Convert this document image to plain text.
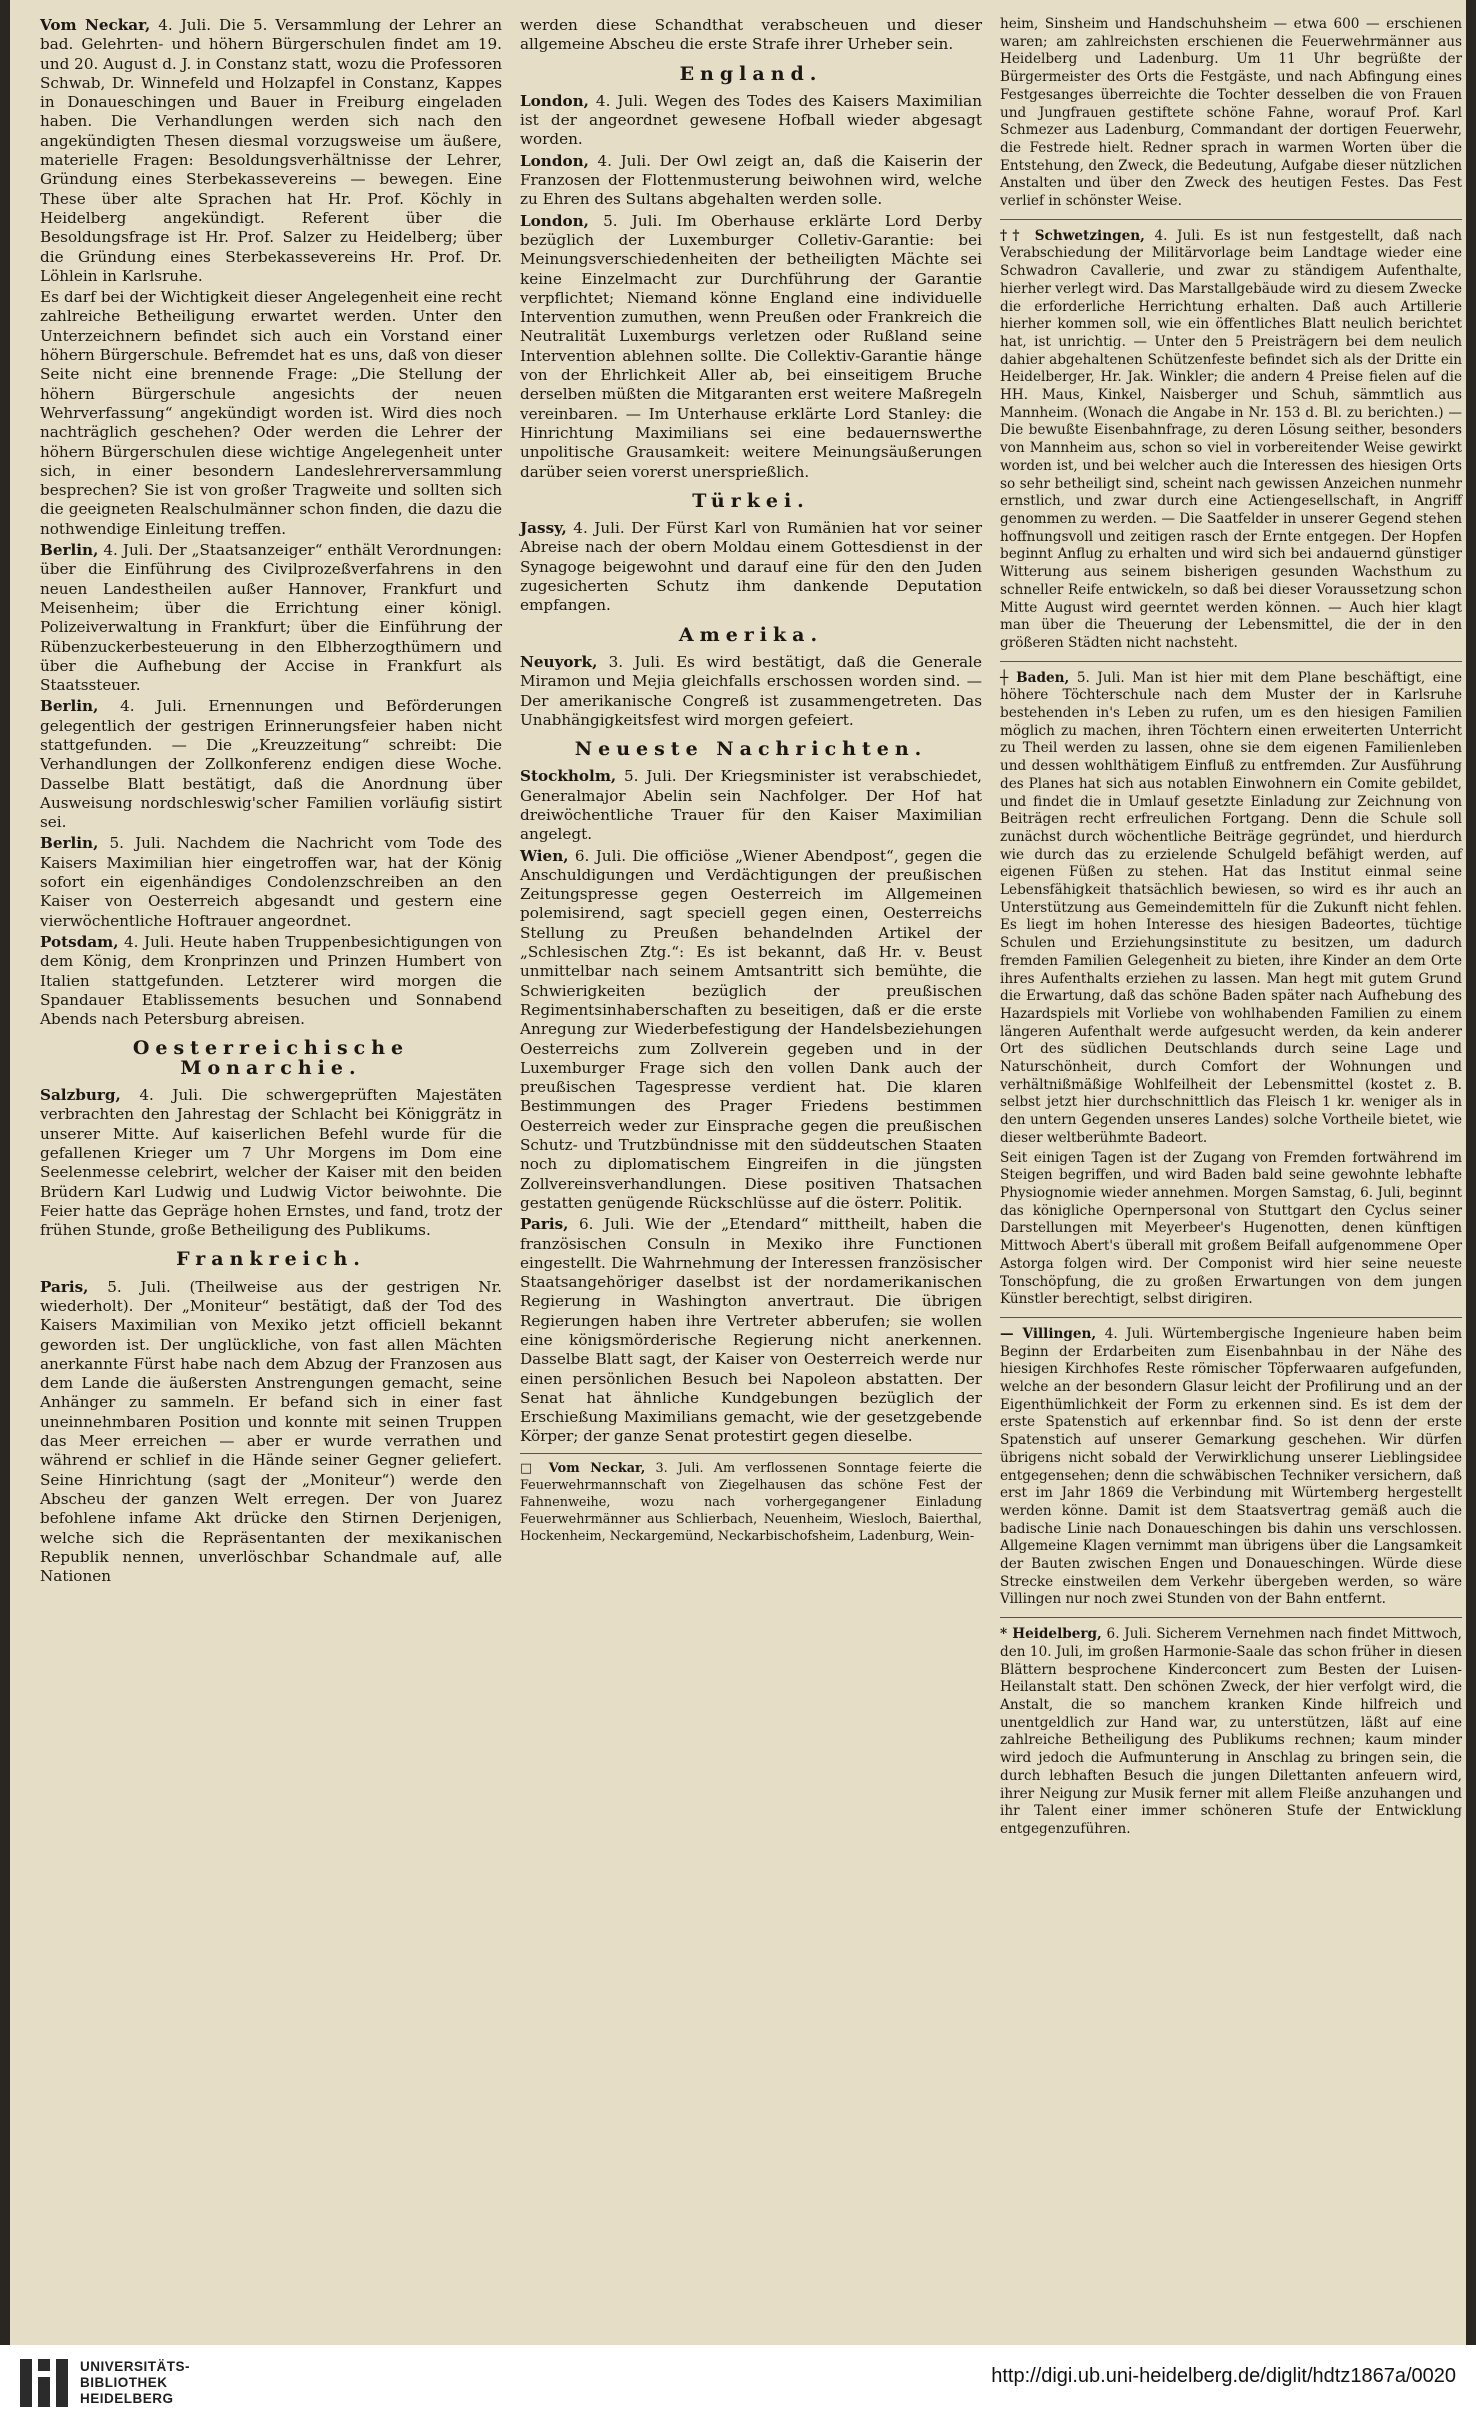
Vom Neckar, 4. Juli. Die 5. Versammlung der Lehrer an bad. Gelehrten- und höhern Bürgerschulen findet am 19. und 20. August d. J. in Constanz statt, wozu die Professoren Schwab, Dr. Winnefeld und Holzapfel in Constanz, Kappes in Donaueschingen und Bauer in Freiburg eingeladen haben. Die Verhandlungen werden sich nach den angekündigten Thesen diesmal vorzugsweise um äußere, materielle Fragen: Besoldungsverhältnisse der Lehrer, Gründung eines Sterbekassevereins — bewegen. Eine These über alte Sprachen hat Hr. Prof. Köchly in Heidelberg angekündigt. Referent über die Besoldungsfrage ist Hr. Prof. Salzer zu Heidelberg; über die Gründung eines Sterbekassevereins Hr. Prof. Dr. Löhlein in Karlsruhe.

Es darf bei der Wichtigkeit dieser Angelegenheit eine recht zahlreiche Betheiligung erwartet werden. Unter den Unterzeichnern befindet sich auch ein Vorstand einer höhern Bürgerschule. Befremdet hat es uns, daß von dieser Seite nicht eine brennende Frage: „Die Stellung der höhern Bürgerschule angesichts der neuen Wehrverfassung“ angekündigt worden ist. Wird dies noch nachträglich geschehen? Oder werden die Lehrer der höhern Bürgerschulen diese wichtige Angelegenheit unter sich, in einer besondern Landeslehrerversammlung besprechen? Sie ist von großer Tragweite und sollten sich die geeigneten Realschulmänner schon finden, die dazu die nothwendige Einleitung treffen.

Berlin, 4. Juli. Der „Staatsanzeiger“ enthält Verordnungen: über die Einführung des Civilprozeßverfahrens in den neuen Landestheilen außer Hannover, Frankfurt und Meisenheim; über die Errichtung einer königl. Polizeiverwaltung in Frankfurt; über die Einführung der Rübenzuckerbesteuerung in den Elbherzogthümern und über die Aufhebung der Accise in Frankfurt als Staatssteuer.

Berlin, 4. Juli. Ernennungen und Beförderungen gelegentlich der gestrigen Erinnerungsfeier haben nicht stattgefunden. — Die „Kreuzzeitung“ schreibt: Die Verhandlungen der Zollkonferenz endigen diese Woche. Dasselbe Blatt bestätigt, daß die Anordnung über Ausweisung nordschleswig'scher Familien vorläufig sistirt sei.

Berlin, 5. Juli. Nachdem die Nachricht vom Tode des Kaisers Maximilian hier eingetroffen war, hat der König sofort ein eigenhändiges Condolenzschreiben an den Kaiser von Oesterreich abgesandt und gestern eine vierwöchentliche Hoftrauer angeordnet.

Potsdam, 4. Juli. Heute haben Truppenbesichtigungen von dem König, dem Kronprinzen und Prinzen Humbert von Italien stattgefunden. Letzterer wird morgen die Spandauer Etablissements besuchen und Sonnabend Abends nach Petersburg abreisen.

Oesterreichische Monarchie.

Salzburg, 4. Juli. Die schwergeprüften Majestäten verbrachten den Jahrestag der Schlacht bei Königgrätz in unserer Mitte. Auf kaiserlichen Befehl wurde für die gefallenen Krieger um 7 Uhr Morgens im Dom eine Seelenmesse celebrirt, welcher der Kaiser mit den beiden Brüdern Karl Ludwig und Ludwig Victor beiwohnte. Die Feier hatte das Gepräge hohen Ernstes, und fand, trotz der frühen Stunde, große Betheiligung des Publikums.

Frankreich.

Paris, 5. Juli. (Theilweise aus der gestrigen Nr. wiederholt). Der „Moniteur“ bestätigt, daß der Tod des Kaisers Maximilian von Mexiko jetzt officiell bekannt geworden ist. Der unglückliche, von fast allen Mächten anerkannte Fürst habe nach dem Abzug der Franzosen aus dem Lande die äußersten Anstrengungen gemacht, seine Anhänger zu sammeln. Er befand sich in einer fast uneinnehmbaren Position und konnte mit seinen Truppen das Meer erreichen — aber er wurde verrathen und während er schlief in die Hände seiner Gegner geliefert. Seine Hinrichtung (sagt der „Moniteur“) werde den Abscheu der ganzen Welt erregen. Der von Juarez befohlene infame Akt drücke den Stirnen Derjenigen, welche sich die Repräsentanten der mexikanischen Republik nennen, unverlöschbar Schandmale auf, alle Nationen

werden diese Schandthat verabscheuen und dieser allgemeine Abscheu die erste Strafe ihrer Urheber sein.

England.

London, 4. Juli. Wegen des Todes des Kaisers Maximilian ist der angeordnet gewesene Hofball wieder abgesagt worden.

London, 4. Juli. Der Owl zeigt an, daß die Kaiserin der Franzosen der Flottenmusterung beiwohnen wird, welche zu Ehren des Sultans abgehalten werden solle.

London, 5. Juli. Im Oberhause erklärte Lord Derby bezüglich der Luxemburger Colletiv-Garantie: bei Meinungsverschiedenheiten der betheiligten Mächte sei keine Einzelmacht zur Durchführung der Garantie verpflichtet; Niemand könne England eine individuelle Intervention zumuthen, wenn Preußen oder Frankreich die Neutralität Luxemburgs verletzen oder Rußland seine Intervention ablehnen sollte. Die Collektiv-Garantie hänge von der Ehrlichkeit Aller ab, bei einseitigem Bruche derselben müßten die Mitgaranten erst weitere Maßregeln vereinbaren. — Im Unterhause erklärte Lord Stanley: die Hinrichtung Maximilians sei eine bedauernswerthe unpolitische Grausamkeit: weitere Meinungsäußerungen darüber seien vorerst unersprießlich.

Türkei.

Jassy, 4. Juli. Der Fürst Karl von Rumänien hat vor seiner Abreise nach der obern Moldau einem Gottesdienst in der Synagoge beigewohnt und darauf eine für den den Juden zugesicherten Schutz ihm dankende Deputation empfangen.

Amerika.

Neuyork, 3. Juli. Es wird bestätigt, daß die Generale Miramon und Mejia gleichfalls erschossen worden sind. — Der amerikanische Congreß ist zusammengetreten. Das Unabhängigkeitsfest wird morgen gefeiert.

Neueste Nachrichten.

Stockholm, 5. Juli. Der Kriegsminister ist verabschiedet, Generalmajor Abelin sein Nachfolger. Der Hof hat dreiwöchentliche Trauer für den Kaiser Maximilian angelegt.

Wien, 6. Juli. Die officiöse „Wiener Abendpost“, gegen die Anschuldigungen und Verdächtigungen der preußischen Zeitungspresse gegen Oesterreich im Allgemeinen polemisirend, sagt speciell gegen einen, Oesterreichs Stellung zu Preußen behandelnden Artikel der „Schlesischen Ztg.“: Es ist bekannt, daß Hr. v. Beust unmittelbar nach seinem Amtsantritt sich bemühte, die Schwierigkeiten bezüglich der preußischen Regimentsinhaberschaften zu beseitigen, daß er die erste Anregung zur Wiederbefestigung der Handelsbeziehungen Oesterreichs zum Zollverein gegeben und in der Luxemburger Frage sich den vollen Dank auch der preußischen Tagespresse verdient hat. Die klaren Bestimmungen des Prager Friedens bestimmen Oesterreich weder zur Einsprache gegen die preußischen Schutz- und Trutzbündnisse mit den süddeutschen Staaten noch zu diplomatischem Eingreifen in die jüngsten Zollvereinsverhandlungen. Diese positiven Thatsachen gestatten genügende Rückschlüsse auf die österr. Politik.

Paris, 6. Juli. Wie der „Etendard“ mittheilt, haben die französischen Consuln in Mexiko ihre Functionen eingestellt. Die Wahrnehmung der Interessen französischer Staatsangehöriger daselbst ist der nordamerikanischen Regierung in Washington anvertraut. Die übrigen Regierungen haben ihre Vertreter abberufen; sie wollen eine königsmörderische Regierung nicht anerkennen. Dasselbe Blatt sagt, der Kaiser von Oesterreich werde nur einen persönlichen Besuch bei Napoleon abstatten. Der Senat hat ähnliche Kundgebungen bezüglich der Erschießung Maximilians gemacht, wie der gesetzgebende Körper; der ganze Senat protestirt gegen dieselbe.

□ Vom Neckar, 3. Juli. Am verflossenen Sonntage feierte die Feuerwehrmannschaft von Ziegelhausen das schöne Fest der Fahnenweihe, wozu nach vorhergegangener Einladung Feuerwehrmänner aus Schlierbach, Neuenheim, Wiesloch, Baierthal, Hockenheim, Neckargemünd, Neckarbischofsheim, Ladenburg, Wein-

heim, Sinsheim und Handschuhsheim — etwa 600 — erschienen waren; am zahlreichsten erschienen die Feuerwehrmänner aus Heidelberg und Ladenburg. Um 11 Uhr begrüßte der Bürgermeister des Orts die Festgäste, und nach Abfingung eines Festgesanges überreichte die Tochter desselben die von Frauen und Jungfrauen gestiftete schöne Fahne, worauf Prof. Karl Schmezer aus Ladenburg, Commandant der dortigen Feuerwehr, die Festrede hielt. Redner sprach in warmen Worten über die Entstehung, den Zweck, die Bedeutung, Aufgabe dieser nützlichen Anstalten und über den Zweck des heutigen Festes. Das Fest verlief in schönster Weise.

†† Schwetzingen, 4. Juli. Es ist nun festgestellt, daß nach Verabschiedung der Militärvorlage beim Landtage wieder eine Schwadron Cavallerie, und zwar zu ständigem Aufenthalte, hierher verlegt wird. Das Marstallgebäude wird zu diesem Zwecke die erforderliche Herrichtung erhalten. Daß auch Artillerie hierher kommen soll, wie ein öffentliches Blatt neulich berichtet hat, ist unrichtig. — Unter den 5 Preisträgern bei dem neulich dahier abgehaltenen Schützenfeste befindet sich als der Dritte ein Heidelberger, Hr. Jak. Winkler; die andern 4 Preise fielen auf die HH. Maus, Kinkel, Naisberger und Schuh, sämmtlich aus Mannheim. (Wonach die Angabe in Nr. 153 d. Bl. zu berichten.) — Die bewußte Eisenbahnfrage, zu deren Lösung seither, besonders von Mannheim aus, schon so viel in vorbereitender Weise gewirkt worden ist, und bei welcher auch die Interessen des hiesigen Orts so sehr betheiligt sind, scheint nach gewissen Anzeichen nunmehr ernstlich, und zwar durch eine Actiengesellschaft, in Angriff genommen zu werden. — Die Saatfelder in unserer Gegend stehen hoffnungsvoll und zeitigen rasch der Ernte entgegen. Der Hopfen beginnt Anflug zu erhalten und wird sich bei andauernd günstiger Witterung aus seinem bisherigen gesunden Wachsthum zu schneller Reife entwickeln, so daß bei dieser Voraussetzung schon Mitte August wird geerntet werden können. — Auch hier klagt man über die Theuerung der Lebensmittel, die der in den größeren Städten nicht nachsteht.

┼ Baden, 5. Juli. Man ist hier mit dem Plane beschäftigt, eine höhere Töchterschule nach dem Muster der in Karlsruhe bestehenden in's Leben zu rufen, um es den hiesigen Familien möglich zu machen, ihren Töchtern einen erweiterten Unterricht zu Theil werden zu lassen, ohne sie dem eigenen Familienleben und dessen wohlthätigem Einfluß zu entfremden. Zur Ausführung des Planes hat sich aus notablen Einwohnern ein Comite gebildet, und findet die in Umlauf gesetzte Einladung zur Zeichnung von Beiträgen recht erfreulichen Fortgang. Denn die Schule soll zunächst durch wöchentliche Beiträge gegründet, und hierdurch wie durch das zu erzielende Schulgeld befähigt werden, auf eigenen Füßen zu stehen. Hat das Institut einmal seine Lebensfähigkeit thatsächlich bewiesen, so wird es ihr auch an Unterstützung aus Gemeindemitteln für die Zukunft nicht fehlen. Es liegt im hohen Interesse des hiesigen Badeortes, tüchtige Schulen und Erziehungsinstitute zu besitzen, um dadurch fremden Familien Gelegenheit zu bieten, ihre Kinder an dem Orte ihres Aufenthalts erziehen zu lassen. Man hegt mit gutem Grund die Erwartung, daß das schöne Baden später nach Aufhebung des Hazardspiels mit Vorliebe von wohlhabenden Familien zu einem längeren Aufenthalt werde aufgesucht werden, da kein anderer Ort des südlichen Deutschlands durch seine Lage und Naturschönheit, durch Comfort der Wohnungen und verhältnißmäßige Wohlfeilheit der Lebensmittel (kostet z. B. selbst jetzt hier durchschnittlich das Fleisch 1 kr. weniger als in den untern Gegenden unseres Landes) solche Vortheile bietet, wie dieser weltberühmte Badeort.

Seit einigen Tagen ist der Zugang von Fremden fortwährend im Steigen begriffen, und wird Baden bald seine gewohnte lebhafte Physiognomie wieder annehmen. Morgen Samstag, 6. Juli, beginnt das königliche Opernpersonal von Stuttgart den Cyclus seiner Darstellungen mit Meyerbeer's Hugenotten, denen künftigen Mittwoch Abert's überall mit großem Beifall aufgenommene Oper Astorga folgen wird. Der Componist wird hier seine neueste Tonschöpfung, die zu großen Erwartungen von dem jungen Künstler berechtigt, selbst dirigiren.

— Villingen, 4. Juli. Würtembergische Ingenieure haben beim Beginn der Erdarbeiten zum Eisenbahnbau in der Nähe des hiesigen Kirchhofes Reste römischer Töpferwaaren aufgefunden, welche an der besondern Glasur leicht der Profilirung und an der Eigenthümlichkeit der Form zu erkennen sind. Es ist dem der erste Spatenstich auf erkennbar find. So ist denn der erste Spatenstich auf unserer Gemarkung geschehen. Wir dürfen übrigens nicht sobald der Verwirklichung unserer Lieblingsidee entgegensehen; denn die schwäbischen Techniker versichern, daß erst im Jahr 1869 die Verbindung mit Würtemberg hergestellt werden könne. Damit ist dem Staatsvertrag gemäß auch die badische Linie nach Donaueschingen bis dahin uns verschlossen. Allgemeine Klagen vernimmt man übrigens über die Langsamkeit der Bauten zwischen Engen und Donaueschingen. Würde diese Strecke einstweilen dem Verkehr übergeben werden, so wäre Villingen nur noch zwei Stunden von der Bahn entfernt.

* Heidelberg, 6. Juli. Sicherem Vernehmen nach findet Mittwoch, den 10. Juli, im großen Harmonie-Saale das schon früher in diesen Blättern besprochene Kinderconcert zum Besten der Luisen-Heilanstalt statt. Den schönen Zweck, der hier verfolgt wird, die Anstalt, die so manchem kranken Kinde hilfreich und unentgeldlich zur Hand war, zu unterstützen, läßt auf eine zahlreiche Betheiligung des Publikums rechnen; kaum minder wird jedoch die Aufmunterung in Anschlag zu bringen sein, die durch lebhaften Besuch die jungen Dilettanten anfeuern wird, ihrer Neigung zur Musik ferner mit allem Fleiße anzuhangen und ihr Talent einer immer schöneren Stufe der Entwicklung entgegenzuführen.

UNIVERSITÄTS-
BIBLIOTHEK
HEIDELBERG
http://digi.ub.uni-heidelberg.de/diglit/hdtz1867a/0020
